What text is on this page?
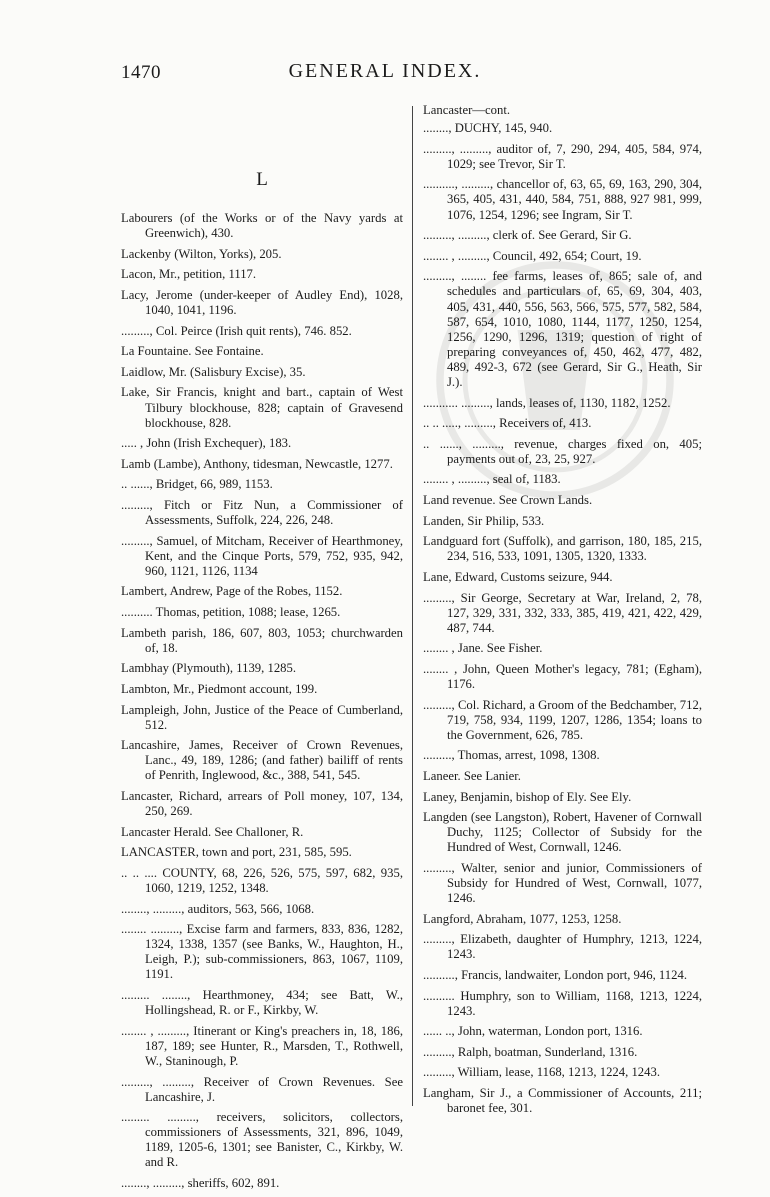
1470	GENERAL INDEX.
L
Labourers (of the Works or of the Navy yards at Greenwich), 430.
Lackenby (Wilton, Yorks), 205.
Lacon, Mr., petition, 1117.
Lacy, Jerome (under-keeper of Audley End), 1028, 1040, 1041, 1196.
........., Col. Peirce (Irish quit rents), 746. 852.
La Fountaine. See Fontaine.
Laidlow, Mr. (Salisbury Excise), 35.
Lake, Sir Francis, knight and bart., captain of West Tilbury blockhouse, 828; captain of Gravesend blockhouse, 828.
..... , John (Irish Exchequer), 183.
Lamb (Lambe), Anthony, tidesman, Newcastle, 1277.
.. ......, Bridget, 66, 989, 1153.
........., Fitch or Fitz Nun, a Commissioner of Assessments, Suffolk, 224, 226, 248.
........., Samuel, of Mitcham, Receiver of Hearthmoney, Kent, and the Cinque Ports, 579, 752, 935, 942, 960, 1121, 1126, 1134
Lambert, Andrew, Page of the Robes, 1152.
.......... Thomas, petition, 1088; lease, 1265.
Lambeth parish, 186, 607, 803, 1053; churchwarden of, 18.
Lambhay (Plymouth), 1139, 1285.
Lambton, Mr., Piedmont account, 199.
Lampleigh, John, Justice of the Peace of Cumberland, 512.
Lancashire, James, Receiver of Crown Revenues, Lanc., 49, 189, 1286; (and father) bailiff of rents of Penrith, Inglewood, &c., 388, 541, 545.
Lancaster, Richard, arrears of Poll money, 107, 134, 250, 269.
Lancaster Herald. See Challoner, R.
LANCASTER, town and port, 231, 585, 595.
.. .. .... COUNTY, 68, 226, 526, 575, 597, 682, 935, 1060, 1219, 1252, 1348.
........, ........., auditors, 563, 566, 1068.
........ ........., Excise farm and farmers, 833, 836, 1282, 1324, 1338, 1357 (see Banks, W., Haughton, H., Leigh, P.); sub-commissioners, 863, 1067, 1109, 1191.
......... ........, Hearthmoney, 434; see Batt, W., Hollingshead, R. or F., Kirkby, W.
........ , ........., Itinerant or King's preachers in, 18, 186, 187, 189; see Hunter, R., Marsden, T., Rothwell, W., Staninough, P.
........., ........., Receiver of Crown Revenues. See Lancashire, J.
......... ........., receivers, solicitors, collectors, commissioners of Assessments, 321, 896, 1049, 1189, 1205-6, 1301; see Banister, C., Kirkby, W. and R.
........, ........., sheriffs, 602, 891.
Lancaster—cont.
........, DUCHY, 145, 940.
........., ........., auditor of, 7, 290, 294, 405, 584, 974, 1029; see Trevor, Sir T.
.........., ........., chancellor of, 63, 65, 69, 163, 290, 304, 365, 405, 431, 440, 584, 751, 888, 927 981, 999, 1076, 1254, 1296; see Ingram, Sir T.
........., ........., clerk of. See Gerard, Sir G.
........ , ........., Council, 492, 654; Court, 19.
........., ........ fee farms, leases of, 865; sale of, and schedules and particulars of, 65, 69, 304, 403, 405, 431, 440, 556, 563, 566, 575, 577, 582, 584, 587, 654, 1010, 1080, 1144, 1177, 1250, 1254, 1256, 1290, 1296, 1319; question of right of preparing conveyances of, 450, 462, 477, 482, 489, 492-3, 672 (see Gerard, Sir G., Heath, Sir J.).
........... ........., lands, leases of, 1130, 1182, 1252.
.. .. ....., ........., Receivers of, 413.
.. ......, ........., revenue, charges fixed on, 405; payments out of, 23, 25, 927.
........ , ........., seal of, 1183.
Land revenue. See Crown Lands.
Landen, Sir Philip, 533.
Landguard fort (Suffolk), and garrison, 180, 185, 215, 234, 516, 533, 1091, 1305, 1320, 1333.
Lane, Edward, Customs seizure, 944.
........., Sir George, Secretary at War, Ireland, 2, 78, 127, 329, 331, 332, 333, 385, 419, 421, 422, 429, 487, 744.
........ , Jane. See Fisher.
........ , John, Queen Mother's legacy, 781; (Egham), 1176.
........., Col. Richard, a Groom of the Bedchamber, 712, 719, 758, 934, 1199, 1207, 1286, 1354; loans to the Government, 626, 785.
........., Thomas, arrest, 1098, 1308.
Laneer. See Lanier.
Laney, Benjamin, bishop of Ely. See Ely.
Langden (see Langston), Robert, Havener of Cornwall Duchy, 1125; Collector of Subsidy for the Hundred of West, Cornwall, 1246.
........., Walter, senior and junior, Commissioners of Subsidy for Hundred of West, Cornwall, 1077, 1246.
Langford, Abraham, 1077, 1253, 1258.
........., Elizabeth, daughter of Humphry, 1213, 1224, 1243.
.........., Francis, landwaiter, London port, 946, 1124.
.......... Humphry, son to William, 1168, 1213, 1224, 1243.
...... .., John, waterman, London port, 1316.
........., Ralph, boatman, Sunderland, 1316.
........., William, lease, 1168, 1213, 1224, 1243.
Langham, Sir J., a Commissioner of Accounts, 211; baronet fee, 301.
